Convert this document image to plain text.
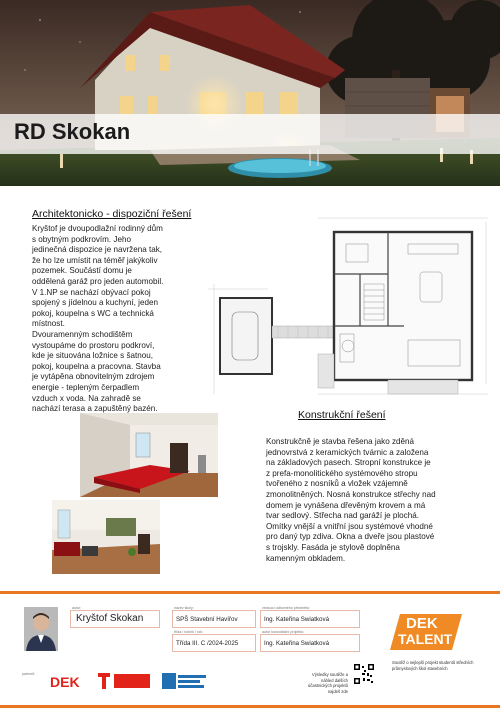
RD Skokan
Architektonicko - dispoziční řešení
Kryštof je dvoupodlažní rodinný dům
s obytným podkrovím. Jeho
jedinečná dispozice je navržena tak,
že ho lze umístit na téměř jakýkoliv
pozemek. Součástí domu je
oddělená garáž pro jeden automobil.
V 1.NP se nachází obývací pokoj
spojený s jídelnou a kuchyní, jeden
pokoj, koupelna s WC a technická
místnost.
Dvouramenným schodištěm
vystoupáme do prostoru podkroví,
kde je situována ložnice s šatnou,
pokoj, koupelna a pracovna. Stavba
je vytápěna obnovitelným zdrojem
energie - tepleným čerpadlem
vzduch x voda. Na zahradě se
nachází terasa a zapuštěný bazén.
Konstrukční řešení
Konstrukčně je stavba řešena jako zděná
jednovrstvá z keramických tvárnic a založena
na základových pasech. Stropní konstrukce je
z prefa-monolitického systémového stropu
tvořeného z nosníků a vložek vzájemně
zmonolitněných. Nosná konstrukce střechy nad
domem je vynášena dřevěným krovem a má
tvar sedlový. Střecha nad garáží je plochá.
Omítky vnější a vnitřní jsou systémové vhodné
pro daný typ zdiva. Okna a dveře jsou plastové
s trojskly. Fasáda je stylově doplněna
kamenným obkladem.
autor:
Kryštof Skokan
název školy:
SPŠ Stavební Havířov
vedoucí odborného předmětu:
Ing. Kateřina Swiatková
třída / ročník / rok:
Třída III. C /2024-2025
autor konzultační projektu:
Ing. Kateřina Swiatková
DEK
TALENT
partneři: DEK	Výsledky soutěže a náhled dalších účastnických projektů najdeš zde
Soutěž o nejlepší projekt studentů středních průmyslových škol stavebních
